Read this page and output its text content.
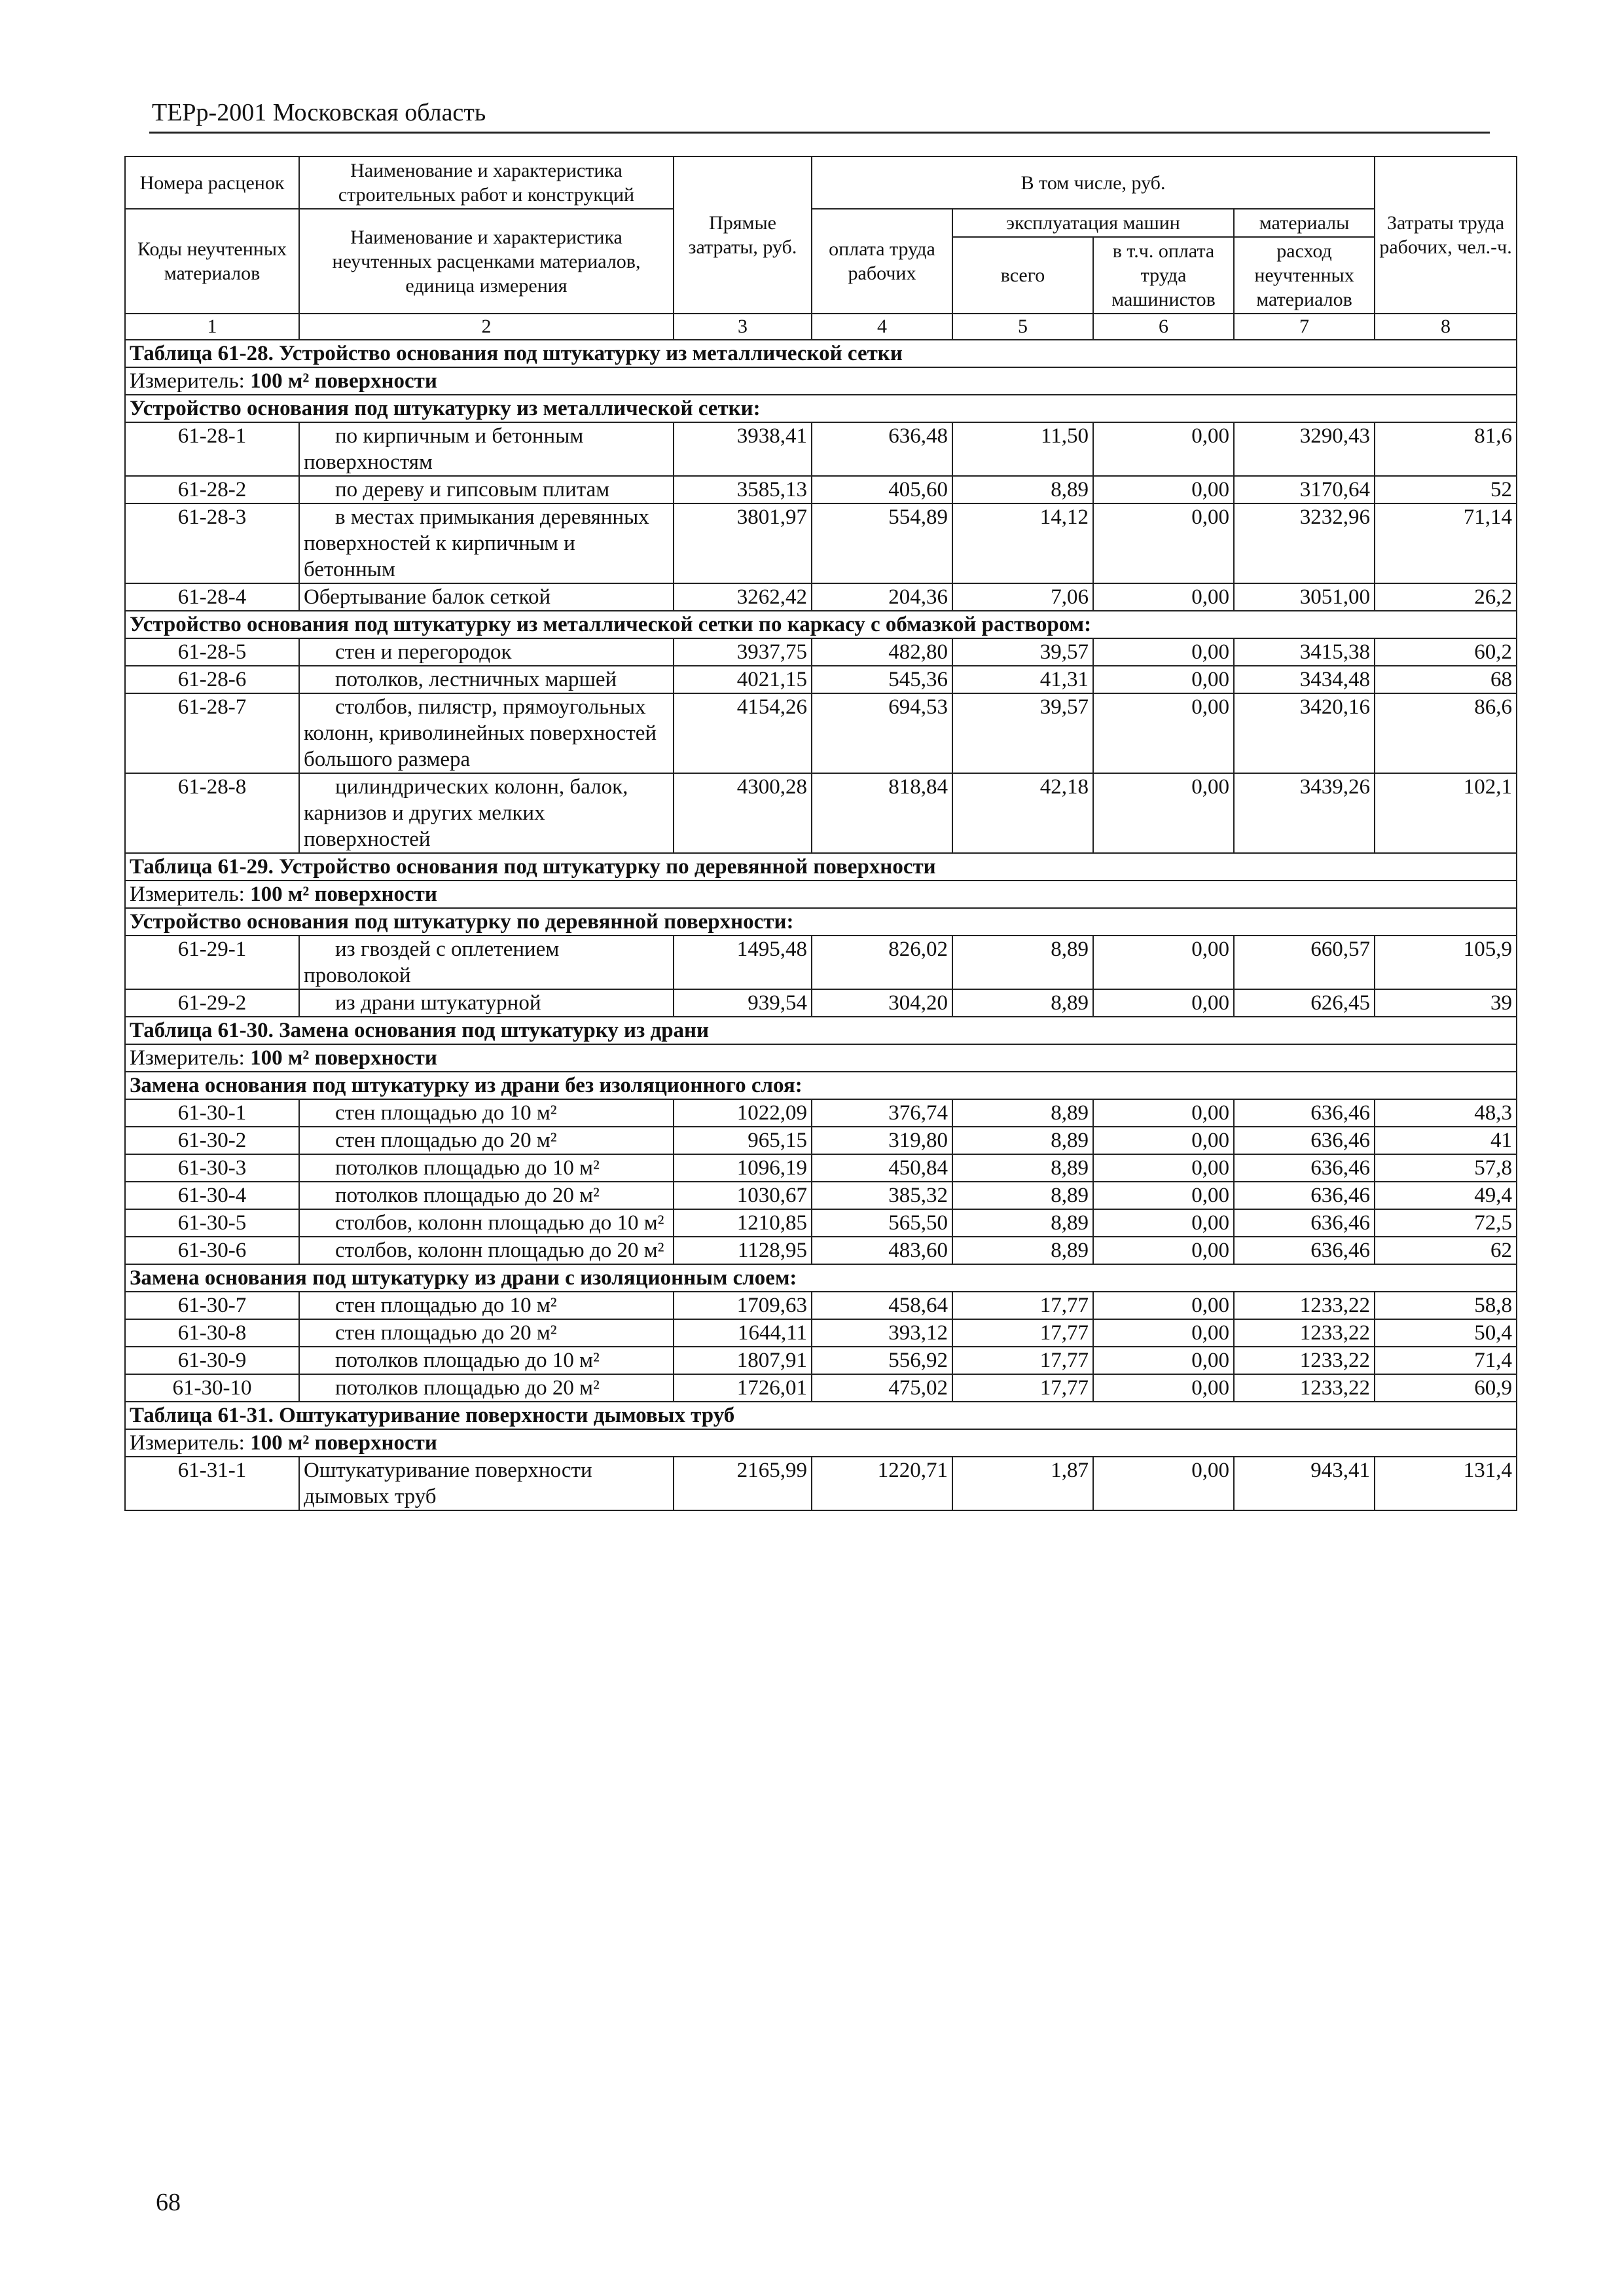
ТЕРр-2001 Московская область
Номера расценок	Наименование и характеристика строительных работ и конструкций	Прямые затраты, руб.	В том числе, руб.				Затраты труда рабочих, чел.-ч.
Коды неучтенных материалов	Наименование и характеристика неучтенных расценками материалов, единица измерения		оплата труда рабочих	эксплуатация машин		материалы	
				всего	в т.ч. оплата труда машинистов	расход неучтенных материалов	
1	2	3	4	5	6	7	8
Таблица 61-28. Устройство основания под штукатурку из металлической сетки							
Измеритель: 100 м² поверхности							
Устройство основания под штукатурку из металлической сетки:							
61-28-1	по кирпичным и бетонным поверхностям	3938,41	636,48	11,50	0,00	3290,43	81,6
61-28-2	по дереву и гипсовым плитам	3585,13	405,60	8,89	0,00	3170,64	52
61-28-3	в местах примыкания деревянных поверхностей к кирпичным и бетонным	3801,97	554,89	14,12	0,00	3232,96	71,14
61-28-4	Обертывание балок сеткой	3262,42	204,36	7,06	0,00	3051,00	26,2
Устройство основания под штукатурку из металлической сетки по каркасу с обмазкой раствором:							
61-28-5	стен и перегородок	3937,75	482,80	39,57	0,00	3415,38	60,2
61-28-6	потолков, лестничных маршей	4021,15	545,36	41,31	0,00	3434,48	68
61-28-7	столбов, пилястр, прямоугольных колонн, криволинейных поверхностей большого размера	4154,26	694,53	39,57	0,00	3420,16	86,6
61-28-8	цилиндрических колонн, балок, карнизов и других мелких поверхностей	4300,28	818,84	42,18	0,00	3439,26	102,1
Таблица 61-29. Устройство основания под штукатурку по деревянной поверхности							
Измеритель: 100 м² поверхности							
Устройство основания под штукатурку по деревянной поверхности:							
61-29-1	из гвоздей с оплетением проволокой	1495,48	826,02	8,89	0,00	660,57	105,9
61-29-2	из драни штукатурной	939,54	304,20	8,89	0,00	626,45	39
Таблица 61-30. Замена основания под штукатурку из драни							
Измеритель: 100 м² поверхности							
Замена основания под штукатурку из драни без изоляционного слоя:							
61-30-1	стен площадью до 10 м²	1022,09	376,74	8,89	0,00	636,46	48,3
61-30-2	стен площадью до 20 м²	965,15	319,80	8,89	0,00	636,46	41
61-30-3	потолков площадью до 10 м²	1096,19	450,84	8,89	0,00	636,46	57,8
61-30-4	потолков площадью до 20 м²	1030,67	385,32	8,89	0,00	636,46	49,4
61-30-5	столбов, колонн площадью до 10 м²	1210,85	565,50	8,89	0,00	636,46	72,5
61-30-6	столбов, колонн площадью до 20 м²	1128,95	483,60	8,89	0,00	636,46	62
Замена основания под штукатурку из драни с изоляционным слоем:							
61-30-7	стен площадью до 10 м²	1709,63	458,64	17,77	0,00	1233,22	58,8
61-30-8	стен площадью до 20 м²	1644,11	393,12	17,77	0,00	1233,22	50,4
61-30-9	потолков площадью до 10 м²	1807,91	556,92	17,77	0,00	1233,22	71,4
61-30-10	потолков площадью до 20 м²	1726,01	475,02	17,77	0,00	1233,22	60,9
Таблица 61-31. Оштукатуривание поверхности дымовых труб							
Измеритель: 100 м² поверхности							
61-31-1	Оштукатуривание поверхности дымовых труб	2165,99	1220,71	1,87	0,00	943,41	131,4
68
